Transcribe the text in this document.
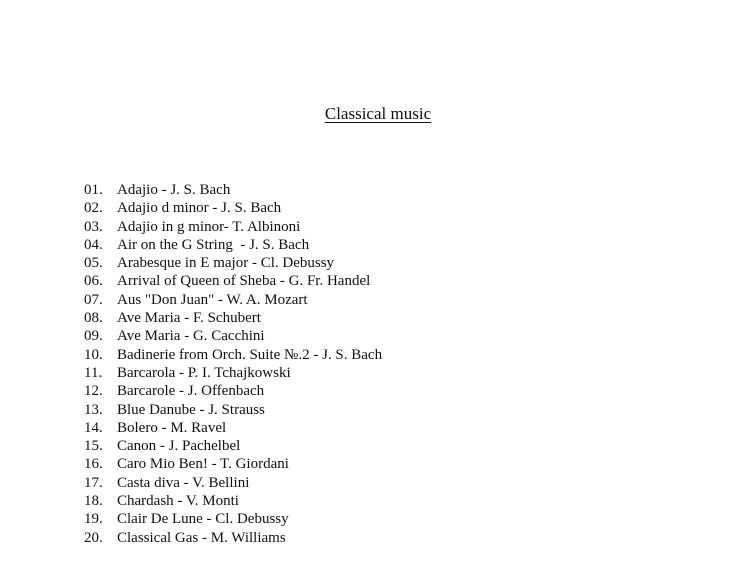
Classical music
01. Adajio - J. S. Bach
02. Adajio d minor - J. S. Bach
03. Adajio in g minor- T. Albinoni
04. Air on the G String  - J. S. Bach
05. Arabesque in E major - Cl. Debussy
06. Arrival of Queen of Sheba - G. Fr. Handel
07. Aus "Don Juan" - W. A. Mozart
08. Ave Maria - F. Schubert
09. Ave Maria - G. Cacchini
10. Badinerie from Orch. Suite №.2 - J. S. Bach
11. Barcarola - P. I. Tchajkowski
12. Barcarole - J. Offenbach
13. Blue Danube - J. Strauss
14. Bolero - M. Ravel
15. Canon - J. Pachelbel
16. Caro Mio Ben! - T. Giordani
17. Casta diva - V. Bellini
18. Chardash - V. Monti
19. Clair De Lune - Cl. Debussy
20. Classical Gas - M. Williams
